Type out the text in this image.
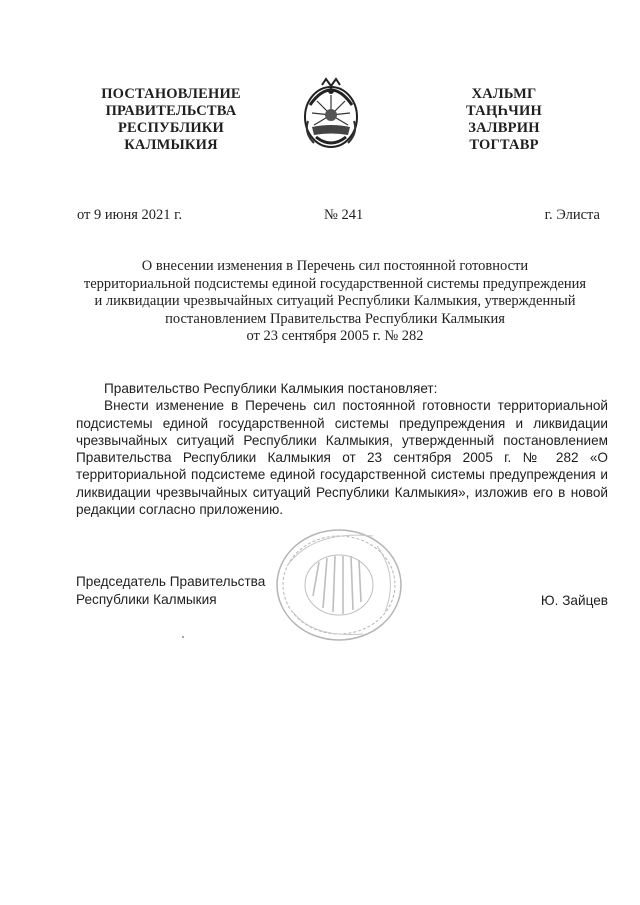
ПОСТАНОВЛЕНИЕ
ПРАВИТЕЛЬСТВА
РЕСПУБЛИКИ
КАЛМЫКИЯ
ХАЛЬМГ
ТАҢҺЧИН
ЗАЛВРИН
ТОГТАВР
от 9 июня 2021 г.	№ 241	г. Элиста
О внесении изменения в Перечень сил постоянной готовности
территориальной подсистемы единой государственной системы предупреждения
и ликвидации чрезвычайных ситуаций Республики Калмыкия, утвержденный
постановлением Правительства Республики Калмыкия
от 23 сентября 2005 г. № 282

Правительство Республики Калмыкия постановляет:

Внести изменение в Перечень сил постоянной готовности территориальной подсистемы единой государственной системы предупреждения и ликвидации чрезвычайных ситуаций Республики Калмыкия, утвержденный постановлением Правительства Республики Калмыкия от 23 сентября 2005 г. № 282 «О территориальной подсистеме единой государственной системы предупреждения и ликвидации чрезвычайных ситуаций Республики Калмыкия», изложив его в новой редакции согласно приложению.

Председатель Правительства
Республики Калмыкия	Ю. Зайцев
